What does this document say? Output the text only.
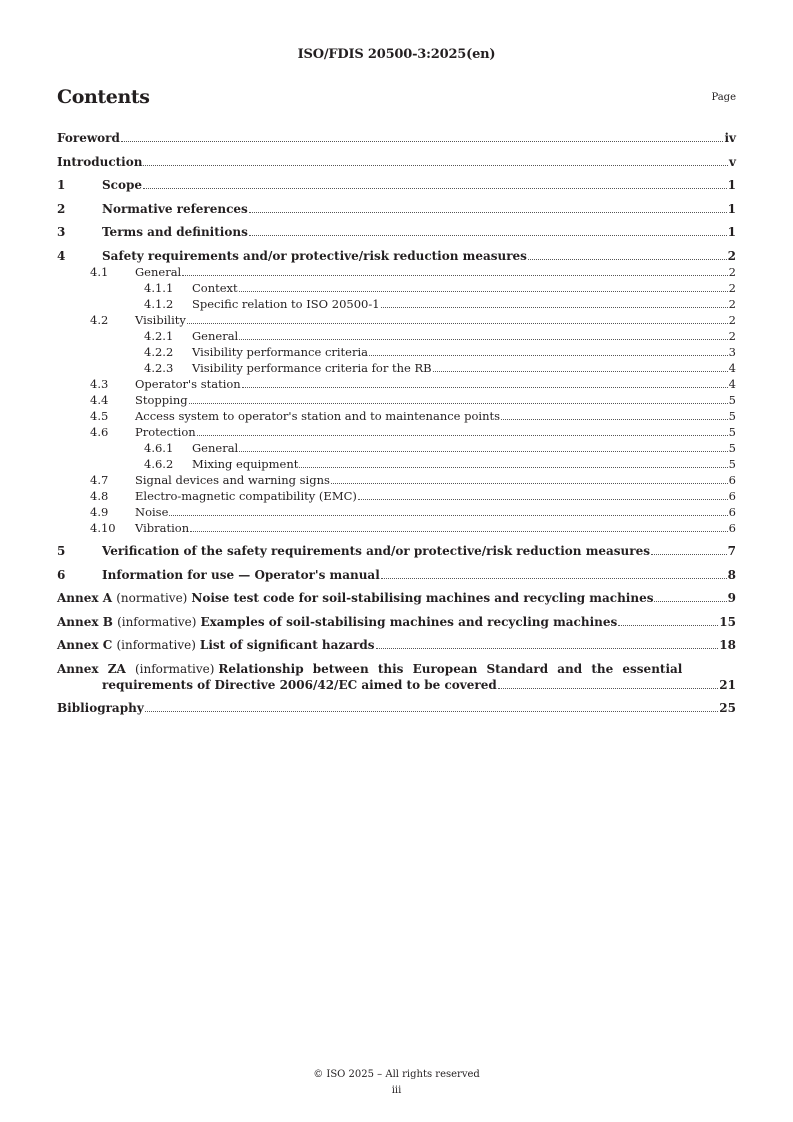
ISO/FDIS 20500-3:2025(en)
Contents	Page
Foreword	iv
Introduction	v
1	Scope	1
2	Normative references	1
3	Terms and definitions	1
4	Safety requirements and/or protective/risk reduction measures	2
4.1	General	2
4.1.1	Context	2
4.1.2	Specific relation to ISO 20500-1	2
4.2	Visibility	2
4.2.1	General	2
4.2.2	Visibility performance criteria	3
4.2.3	Visibility performance criteria for the RB	4
4.3	Operator's station	4
4.4	Stopping	5
4.5	Access system to operator's station and to maintenance points	5
4.6	Protection	5
4.6.1	General	5
4.6.2	Mixing equipment	5
4.7	Signal devices and warning signs	6
4.8	Electro-magnetic compatibility (EMC)	6
4.9	Noise	6
4.10	Vibration	6
5	Verification of the safety requirements and/or protective/risk reduction measures	7
6	Information for use — Operator's manual	8
Annex A (normative) Noise test code for soil-stabilising machines and recycling machines	9
Annex B (informative) Examples of soil-stabilising machines and recycling machines	15
Annex C (informative) List of significant hazards	18
Annex ZA (informative) Relationship between this European Standard and the essential
requirements of Directive 2006/42/EC aimed to be covered	21
Bibliography	25
© ISO 2025 – All rights reserved
iii
